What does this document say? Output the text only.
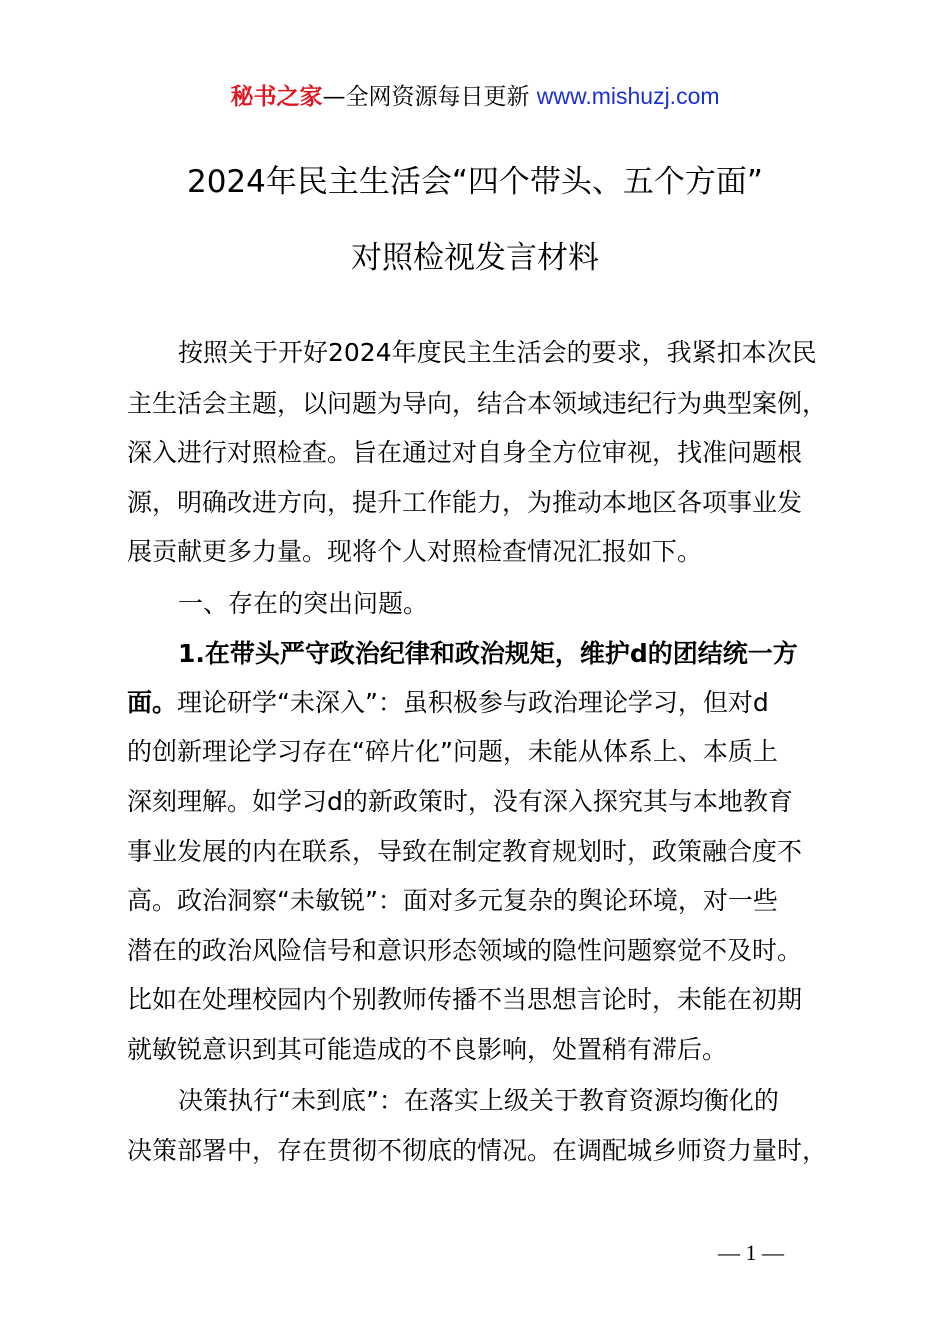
秘书之家—全网资源每日更新 www.mishuzj.com
2024年民主生活会“四个带头、五个方面”
对照检视发言材料
按照关于开好2024年度民主生活会的要求，我紧扣本次民
主生活会主题，以问题为导向，结合本领域违纪行为典型案例，
深入进行对照检查。旨在通过对自身全方位审视，找准问题根
源，明确改进方向，提升工作能力，为推动本地区各项事业发
展贡献更多力量。现将个人对照检查情况汇报如下。
一、存在的突出问题。
1.在带头严守政治纪律和政治规矩，维护d的团结统一方
面。理论研学“未深入”：虽积极参与政治理论学习，但对d
的创新理论学习存在“碎片化”问题，未能从体系上、本质上
深刻理解。如学习d的新政策时，没有深入探究其与本地教育
事业发展的内在联系，导致在制定教育规划时，政策融合度不
高。政治洞察“未敏锐”：面对多元复杂的舆论环境，对一些
潜在的政治风险信号和意识形态领域的隐性问题察觉不及时。
比如在处理校园内个别教师传播不当思想言论时，未能在初期
就敏锐意识到其可能造成的不良影响，处置稍有滞后。
决策执行“未到底”：在落实上级关于教育资源均衡化的
决策部署中，存在贯彻不彻底的情况。在调配城乡师资力量时，
— 1 —
